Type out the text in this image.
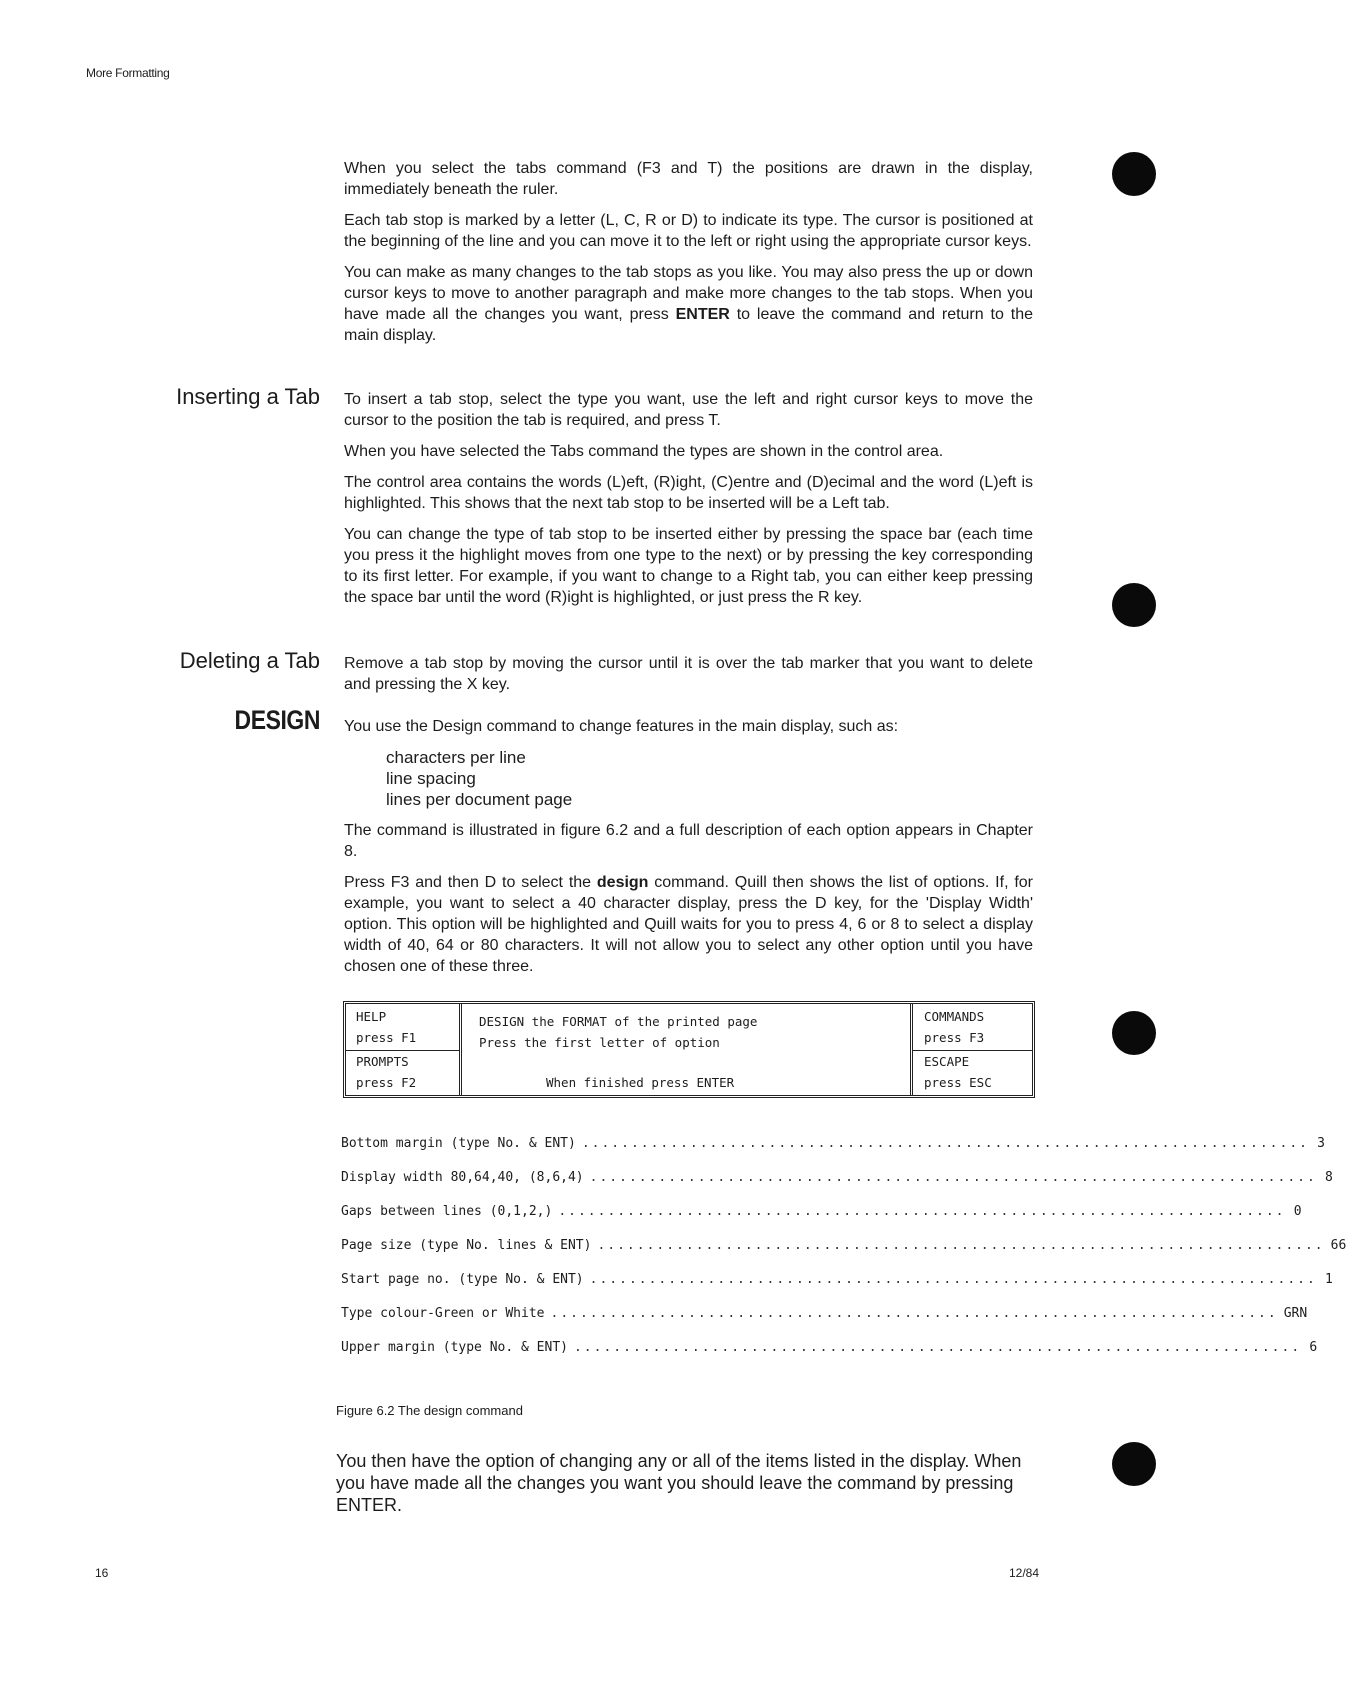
More Formatting

When you select the tabs command (F3 and T) the positions are drawn in the display, immediately beneath the ruler.

Each tab stop is marked by a letter (L, C, R or D) to indicate its type. The cursor is positioned at the beginning of the line and you can move it to the left or right using the appropriate cursor keys.

You can make as many changes to the tab stops as you like. You may also press the up or down cursor keys to move to another paragraph and make more changes to the tab stops. When you have made all the changes you want, press ENTER to leave the command and return to the main display.

Inserting a Tab To insert a tab stop, select the type you want, use the left and right cursor keys to move the cursor to the position the tab is required, and press T.

When you have selected the Tabs command the types are shown in the control area.

The control area contains the words (L)eft, (R)ight, (C)entre and (D)ecimal and the word (L)eft is highlighted. This shows that the next tab stop to be inserted will be a Left tab.

You can change the type of tab stop to be inserted either by pressing the space bar (each time you press it the highlight moves from one type to the next) or by pressing the key corresponding to its first letter. For example, if you want to change to a Right tab, you can either keep pressing the space bar until the word (R)ight is highlighted, or just press the R key.

Deleting a Tab Remove a tab stop by moving the cursor until it is over the tab marker that you want to delete and pressing the X key.

DESIGN You use the Design command to change features in the main display, such as:

characters per line
line spacing
lines per document page

The command is illustrated in figure 6.2 and a full description of each option appears in Chapter 8.

Press F3 and then D to select the design command. Quill then shows the list of options. If, for example, you want to select a 40 character display, press the D key, for the 'Display Width' option. This option will be highlighted and Quill waits for you to press 4, 6 or 8 to select a display width of 40, 64 or 80 characters. It will not allow you to select any other option until you have chosen one of these three.

HELP
press F1
PROMPTS
press F2
DESIGN the FORMAT of the printed page
Press the first letter of option
When finished press ENTER
COMMANDS
press F3
ESCAPE
press ESC
Bottom margin (type No. & ENT) .......................................................................... 3
Display width 80,64,40, (8,6,4) .......................................................................... 8
Gaps between lines (0,1,2,) .......................................................................... 0
Page size (type No. lines & ENT) .......................................................................... 66
Start page no. (type No. & ENT) .......................................................................... 1
Type colour-Green or White .......................................................................... GRN
Upper margin (type No. & ENT) .......................................................................... 6
Figure 6.2 The design command
You then have the option of changing any or all of the items listed in the display. When you have made all the changes you want you should leave the command by pressing ENTER.
16	12/84
